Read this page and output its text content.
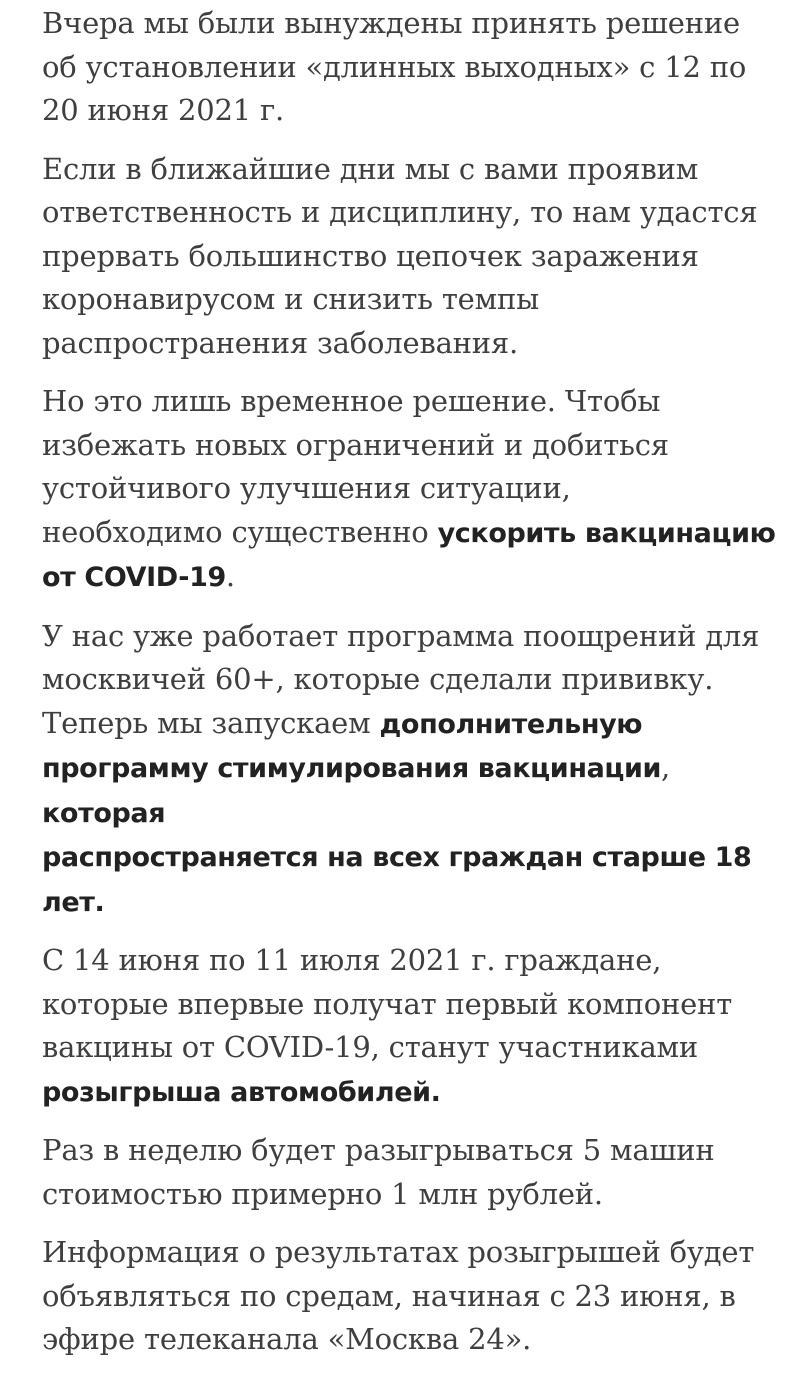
Вчера мы были вынуждены принять решение
об установлении «длинных выходных» с 12 по
20 июня 2021 г.

Если в ближайшие дни мы с вами проявим
ответственность и дисциплину, то нам удастся
прервать большинство цепочек заражения
коронавирусом и снизить темпы
распространения заболевания.

Но это лишь временное решение. Чтобы
избежать новых ограничений и добиться
устойчивого улучшения ситуации,
необходимо существенно ускорить вакцинацию
от COVID-19.

У нас уже работает программа поощрений для
москвичей 60+, которые сделали прививку.
Теперь мы запускаем дополнительную
программу стимулирования вакцинации, которая
распространяется на всех граждан старше 18 лет.

С 14 июня по 11 июля 2021 г. граждане,
которые впервые получат первый компонент
вакцины от COVID-19, станут участниками
розыгрыша автомобилей.

Раз в неделю будет разыгрываться 5 машин
стоимостью примерно 1 млн рублей.

Информация о результатах розыгрышей будет
объявляться по средам, начиная с 23 июня, в
эфире телеканала «Москва 24».
